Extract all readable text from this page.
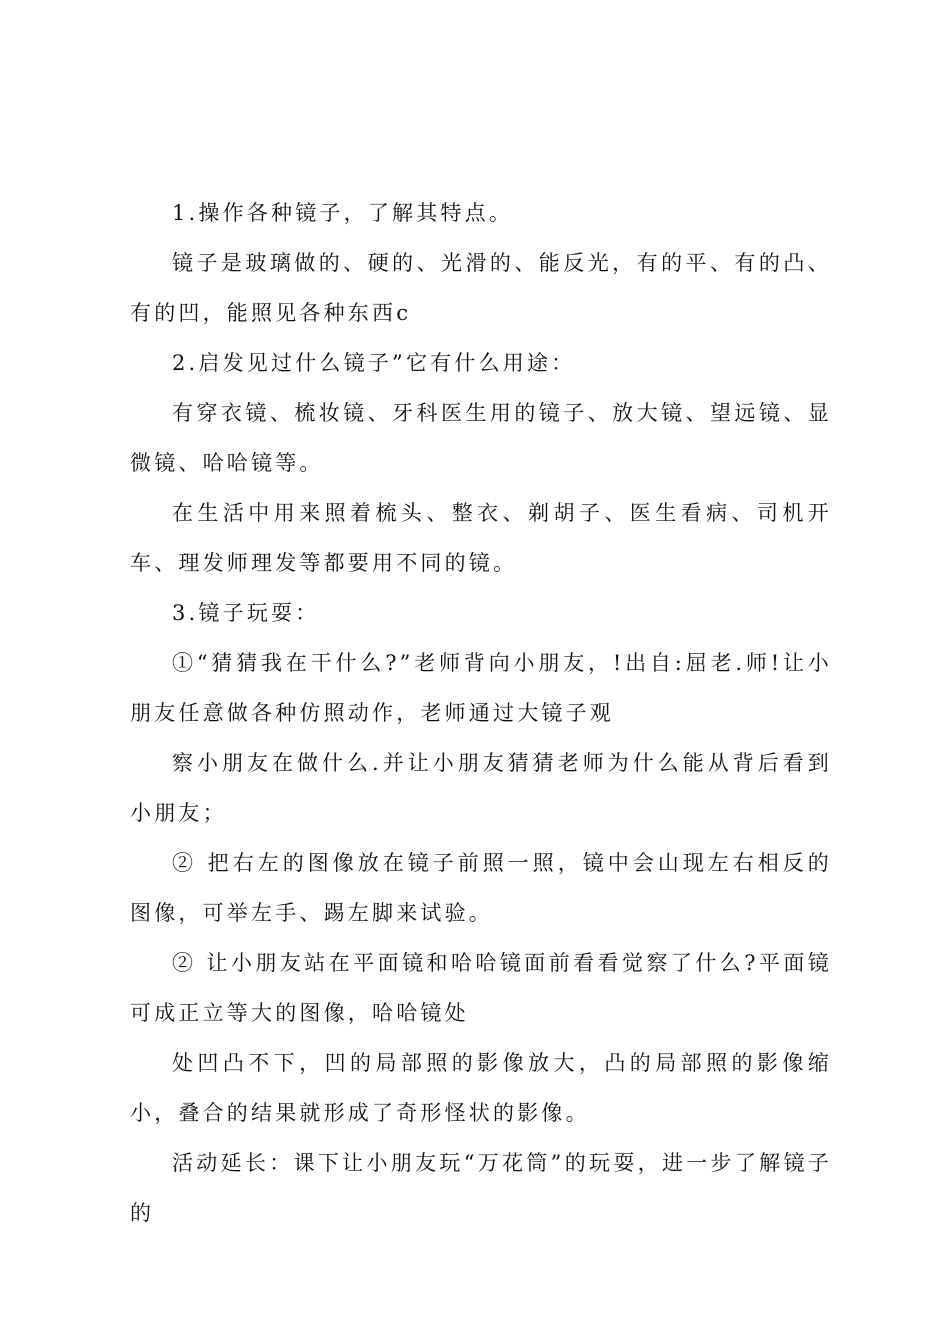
1.操作各种镜子，了解其特点。

镜子是玻璃做的、硬的、光滑的、能反光，有的平、有的凸、有的凹，能照见各种东西c

2.启发见过什么镜子”它有什么用途：

有穿衣镜、梳妆镜、牙科医生用的镜子、放大镜、望远镜、显微镜、哈哈镜等。

在生活中用来照着梳头、整衣、剃胡子、医生看病、司机开车、理发师理发等都要用不同的镜。

3.镜子玩耍：

①“猜猜我在干什么?”老师背向小朋友，!出自:屈老.师!让小朋友任意做各种仿照动作，老师通过大镜子观

察小朋友在做什么.并让小朋友猜猜老师为什么能从背后看到小朋友；

② 把右左的图像放在镜子前照一照，镜中会山现左右相反的图像，可举左手、踢左脚来试验。

② 让小朋友站在平面镜和哈哈镜面前看看觉察了什么?平面镜可成正立等大的图像，哈哈镜处

处凹凸不下，凹的局部照的影像放大，凸的局部照的影像缩小，叠合的结果就形成了奇形怪状的影像。

活动延长：课下让小朋友玩“万花筒”的玩耍，进一步了解镜子的
